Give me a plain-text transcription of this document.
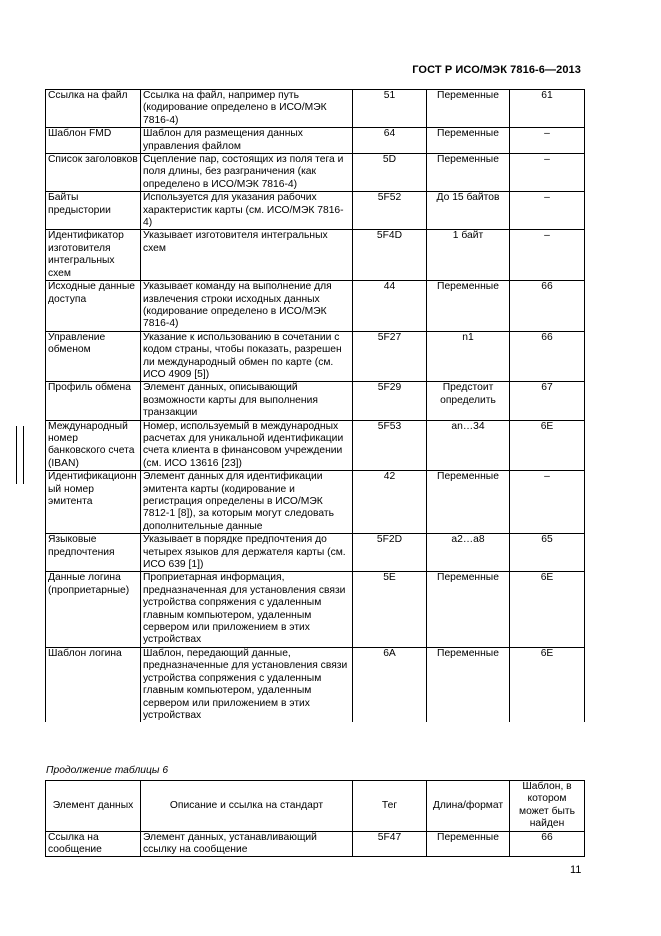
ГОСТ Р ИСО/МЭК 7816-6—2013
Ссылка на файл	Ссылка на файл, например путь (кодирование определено в ИСО/МЭК 7816-4)	51	Переменные	61
Шаблон FMD	Шаблон для размещения данных управления файлом	64	Переменные	–
Список заголовков	Сцепление пар, состоящих из поля тега и поля длины, без разграничения (как определено в ИСО/МЭК 7816-4)	5D	Переменные	–
Байты предыстории	Используется для указания рабочих характеристик карты (см. ИСО/МЭК 7816-4)	5F52	До 15 байтов	–
Идентификатор изготовителя интегральных схем	Указывает изготовителя интегральных схем	5F4D	1 байт	–
Исходные данные доступа	Указывает команду на выполнение для извлечения строки исходных данных (кодирование определено в ИСО/МЭК 7816-4)	44	Переменные	66
Управление обменом	Указание к использованию в сочетании с кодом страны, чтобы показать, разрешен ли международный обмен по карте (см. ИСО 4909 [5])	5F27	n1	66
Профиль обмена	Элемент данных, описывающий возможности карты для выполнения транзакции	5F29	Предстоит определить	67
Международный номер банковского счета (IBAN)	Номер, используемый в международных расчетах для уникальной идентификации счета клиента в финансовом учреждении (см. ИСО 13616 [23])	5F53	an…34	6E
Идентификационный номер эмитента	Элемент данных для идентификации эмитента карты (кодирование и регистрация определены в ИСО/МЭК 7812-1 [8]), за которым могут следовать дополнительные данные	42	Переменные	–
Языковые предпочтения	Указывает в порядке предпочтения до четырех языков для держателя карты (см. ИСО 639 [1])	5F2D	a2…a8	65
Данные логина (проприетарные)	Проприетарная информация, предназначенная для установления связи устройства сопряжения с удаленным главным компьютером, удаленным сервером или приложением в этих устройствах	5E	Переменные	6E
Шаблон логина	Шаблон, передающий данные, предназначенные для установления связи устройства сопряжения с удаленным главным компьютером, удаленным сервером или приложением в этих устройствах	6A	Переменные	6E
Продолжение таблицы 6
Элемент данных	Описание и ссылка на стандарт	Тег	Длина/формат	Шаблон, в котором может быть найден
Ссылка на сообщение	Элемент данных, устанавливающий ссылку на сообщение	5F47	Переменные	66
11
